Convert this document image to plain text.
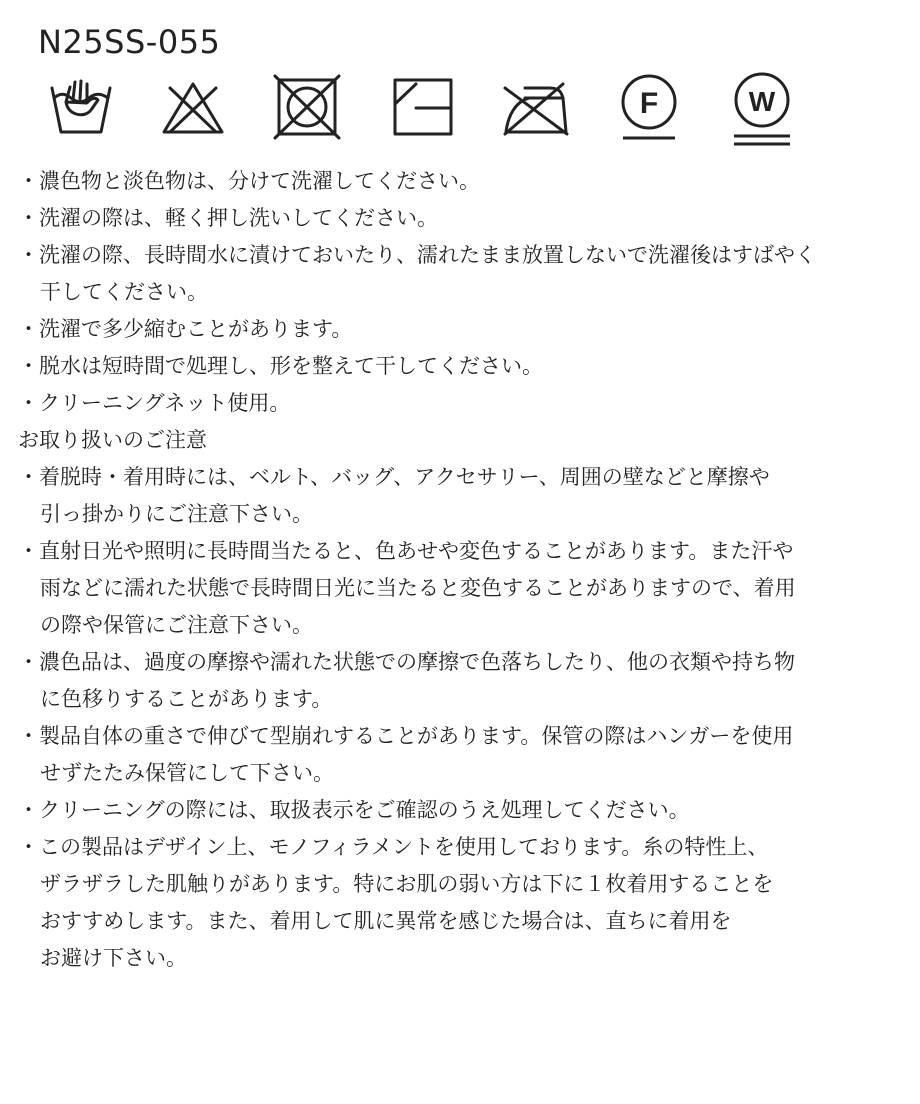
N25SS-055
F	W
・濃色物と淡色物は、分けて洗濯してください。
・洗濯の際は、軽く押し洗いしてください。
・洗濯の際、長時間水に漬けておいたり、濡れたまま放置しないで洗濯後はすばやく
干してください。
・洗濯で多少縮むことがあります。
・脱水は短時間で処理し、形を整えて干してください。
・クリーニングネット使用。
お取り扱いのご注意
・着脱時・着用時には、ベルト、バッグ、アクセサリー、周囲の壁などと摩擦や
引っ掛かりにご注意下さい。
・直射日光や照明に長時間当たると、色あせや変色することがあります。また汗や
雨などに濡れた状態で長時間日光に当たると変色することがありますので、着用
の際や保管にご注意下さい。
・濃色品は、過度の摩擦や濡れた状態での摩擦で色落ちしたり、他の衣類や持ち物
に色移りすることがあります。
・製品自体の重さで伸びて型崩れすることがあります。保管の際はハンガーを使用
せずたたみ保管にして下さい。
・クリーニングの際には、取扱表示をご確認のうえ処理してください。
・この製品はデザイン上、モノフィラメントを使用しております。糸の特性上、
ザラザラした肌触りがあります。特にお肌の弱い方は下に１枚着用することを
おすすめします。また、着用して肌に異常を感じた場合は、直ちに着用を
お避け下さい。
